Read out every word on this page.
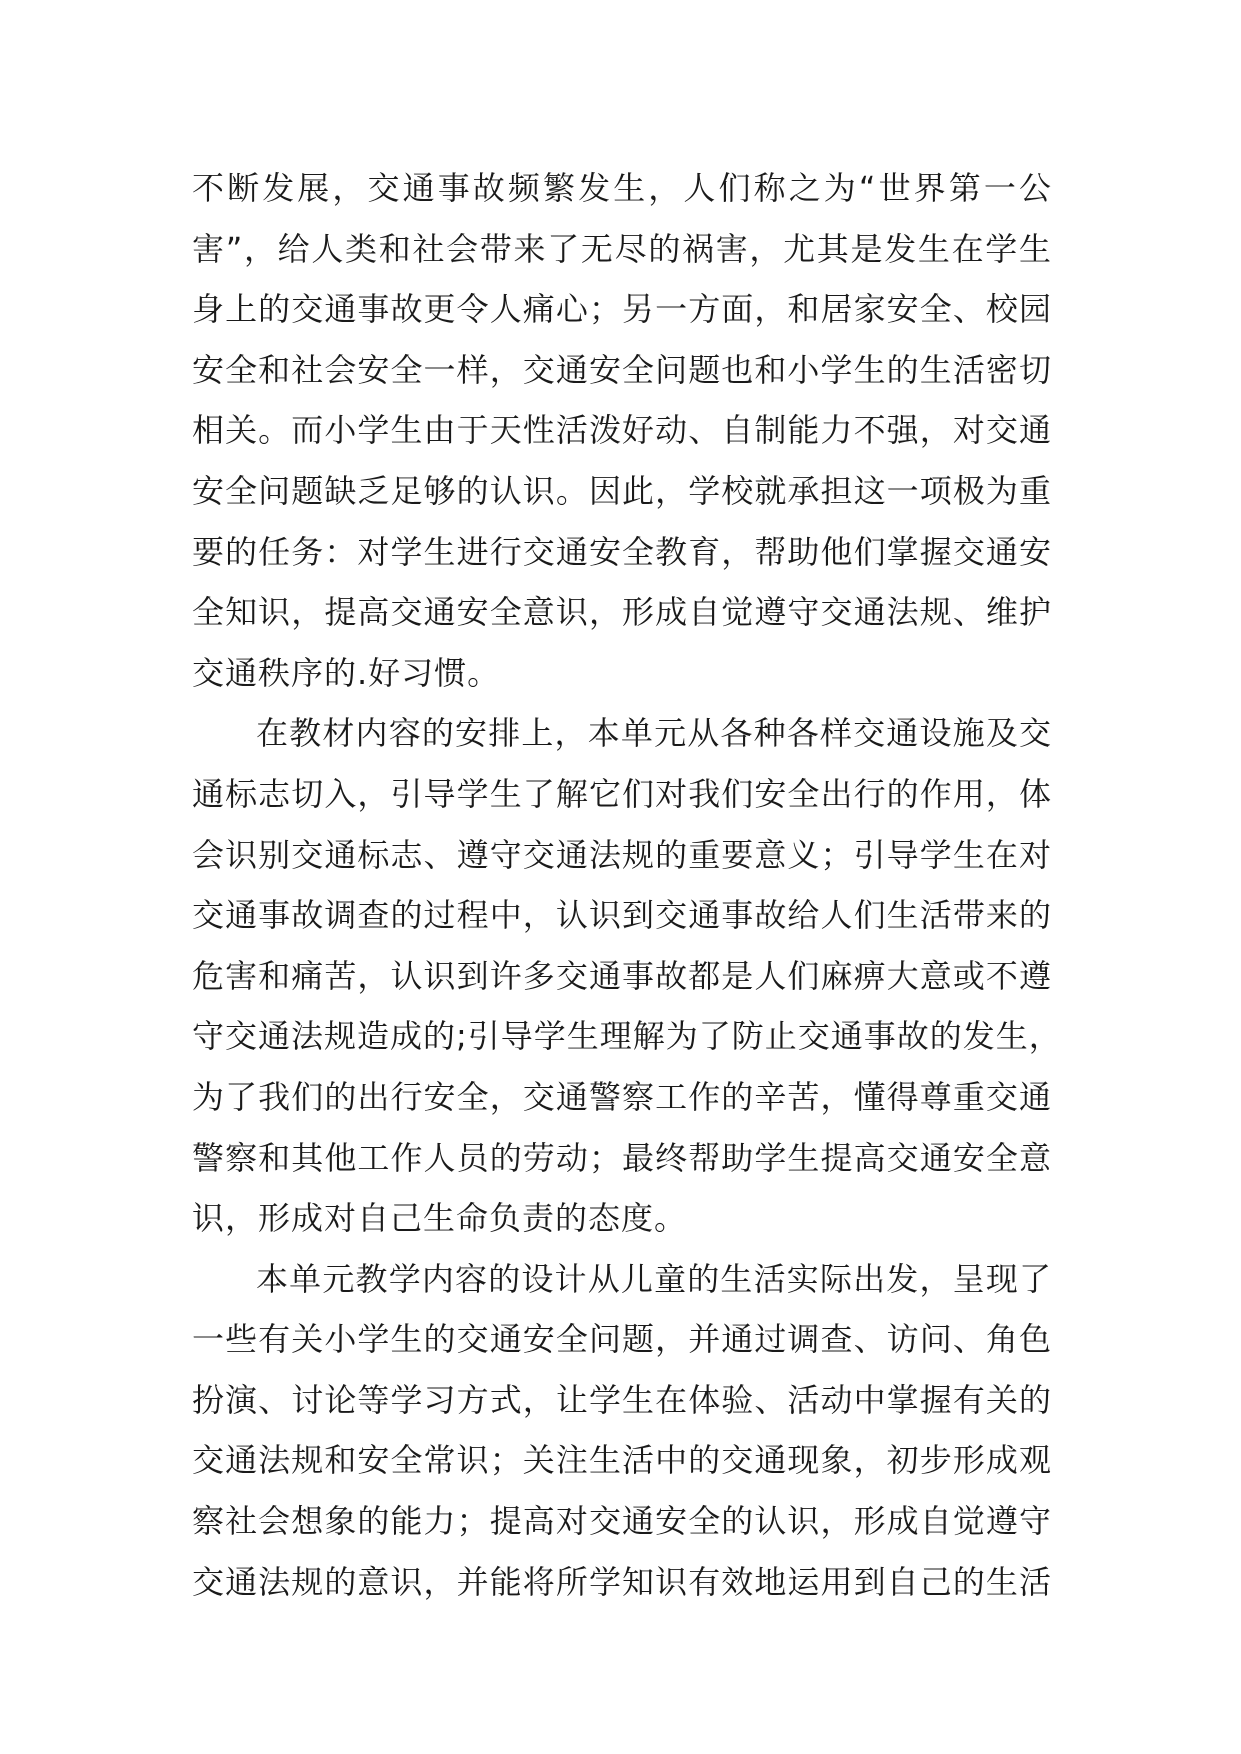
不断发展，交通事故频繁发生，人们称之为“世界第一公
害”，给人类和社会带来了无尽的祸害，尤其是发生在学生
身上的交通事故更令人痛心；另一方面，和居家安全、校园
安全和社会安全一样，交通安全问题也和小学生的生活密切
相关。而小学生由于天性活泼好动、自制能力不强，对交通
安全问题缺乏足够的认识。因此，学校就承担这一项极为重
要的任务：对学生进行交通安全教育，帮助他们掌握交通安
全知识，提高交通安全意识，形成自觉遵守交通法规、维护
交通秩序的.好习惯。
在教材内容的安排上，本单元从各种各样交通设施及交
通标志切入，引导学生了解它们对我们安全出行的作用，体
会识别交通标志、遵守交通法规的重要意义；引导学生在对
交通事故调查的过程中，认识到交通事故给人们生活带来的
危害和痛苦，认识到许多交通事故都是人们麻痹大意或不遵
守交通法规造成的;引导学生理解为了防止交通事故的发生，
为了我们的出行安全，交通警察工作的辛苦，懂得尊重交通
警察和其他工作人员的劳动；最终帮助学生提高交通安全意
识，形成对自己生命负责的态度。
本单元教学内容的设计从儿童的生活实际出发，呈现了
一些有关小学生的交通安全问题，并通过调查、访问、角色
扮演、讨论等学习方式，让学生在体验、活动中掌握有关的
交通法规和安全常识；关注生活中的交通现象，初步形成观
察社会想象的能力；提高对交通安全的认识，形成自觉遵守
交通法规的意识，并能将所学知识有效地运用到自己的生活
